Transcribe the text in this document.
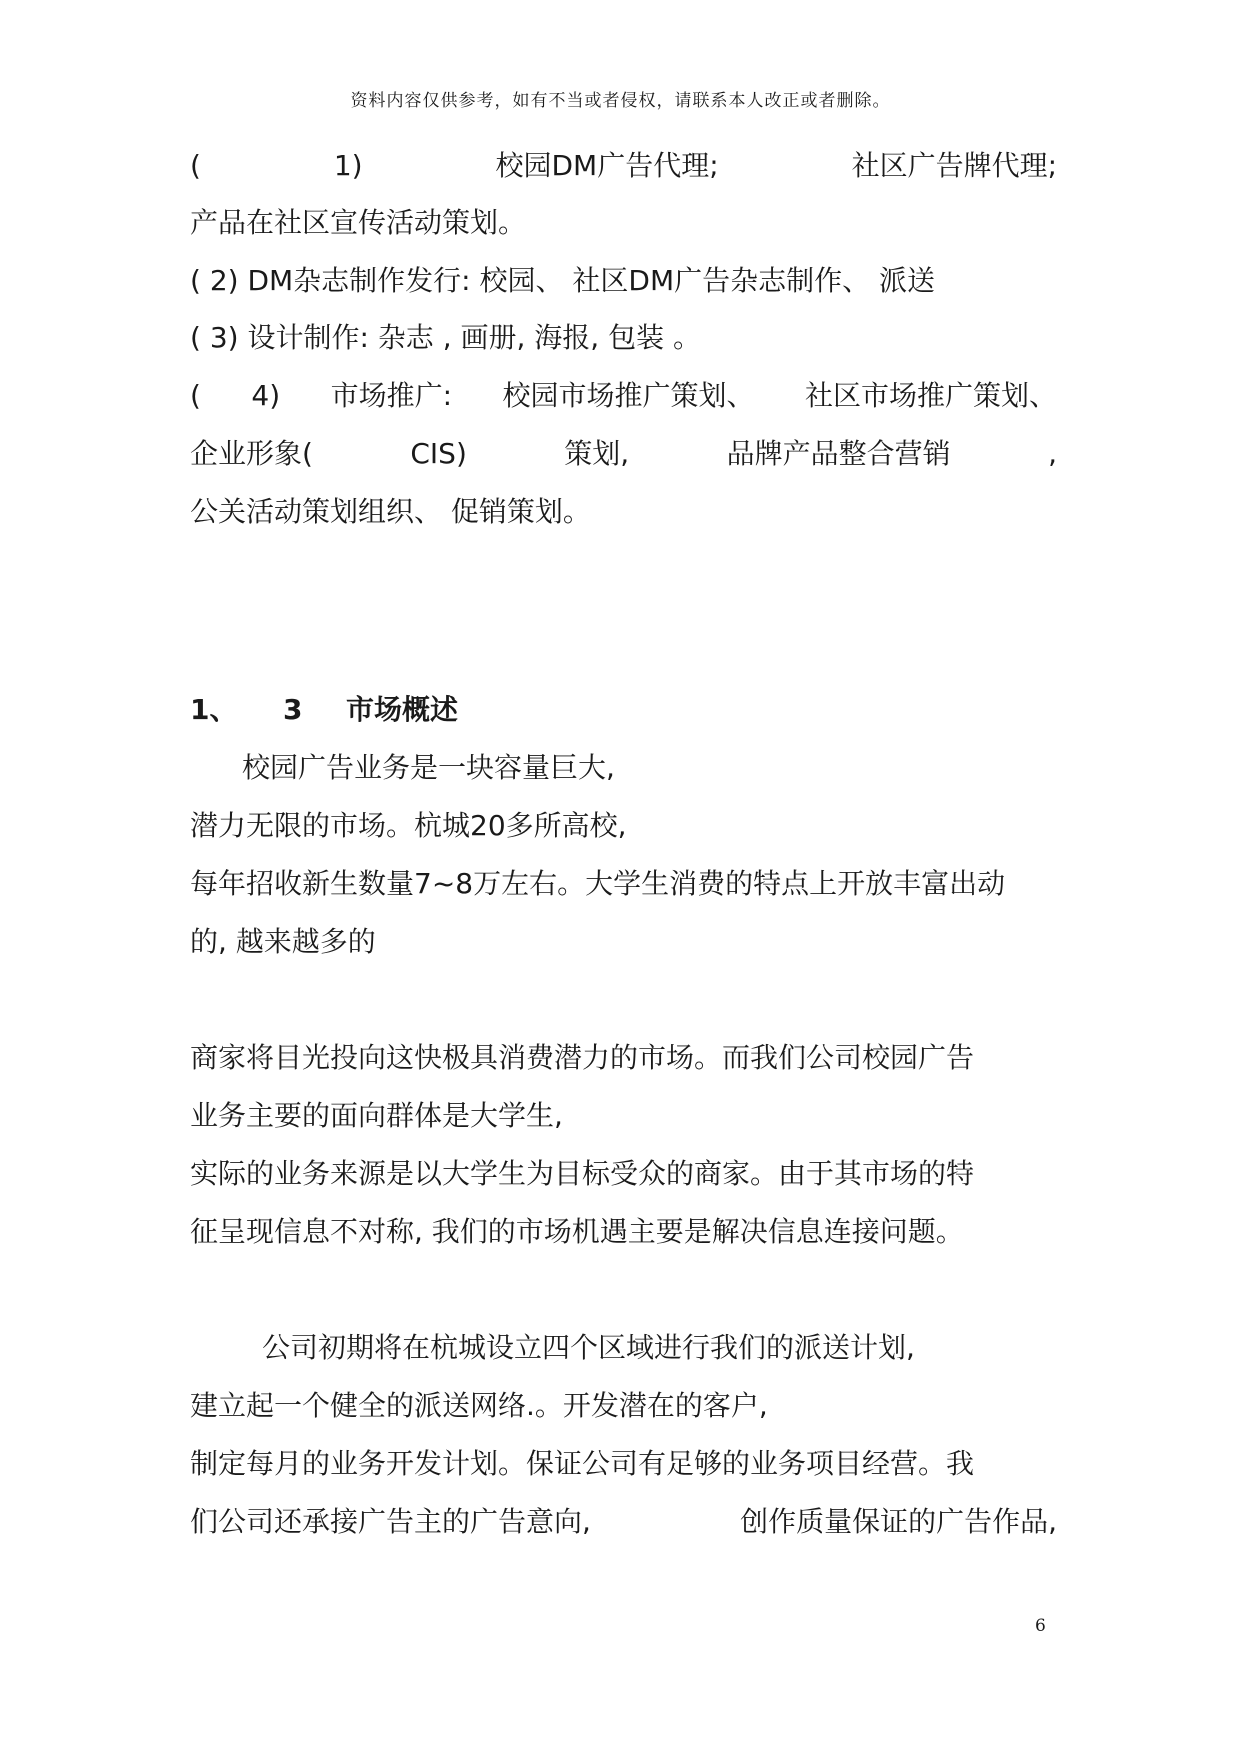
资料内容仅供参考，如有不当或者侵权，请联系本人改正或者删除。
(	1)	校园DM广告代理;	社区广告牌代理;
产品在社区宣传活动策划。
( 2) DM杂志制作发行: 校园、 社区DM广告杂志制作、 派送
( 3) 设计制作: 杂志 , 画册, 海报, 包装 。
( 4) 市场推广: 校园市场推广策划、 社区市场推广策划、
企业形象(	CIS)	策划,	品牌产品整合营销	,
公关活动策划组织、 促销策划。
1、 3 市场概述
校园广告业务是一块容量巨大,
潜力无限的市场。杭城20多所高校,
每年招收新生数量7~8万左右。大学生消费的特点上开放丰富出动
的, 越来越多的
商家将目光投向这快极具消费潜力的市场。而我们公司校园广告
业务主要的面向群体是大学生,
实际的业务来源是以大学生为目标受众的商家。由于其市场的特
征呈现信息不对称, 我们的市场机遇主要是解决信息连接问题。
公司初期将在杭城设立四个区域进行我们的派送计划,
建立起一个健全的派送网络.。开发潜在的客户,
制定每月的业务开发计划。保证公司有足够的业务项目经营。我
们公司还承接广告主的广告意向,	创作质量保证的广告作品,
6
